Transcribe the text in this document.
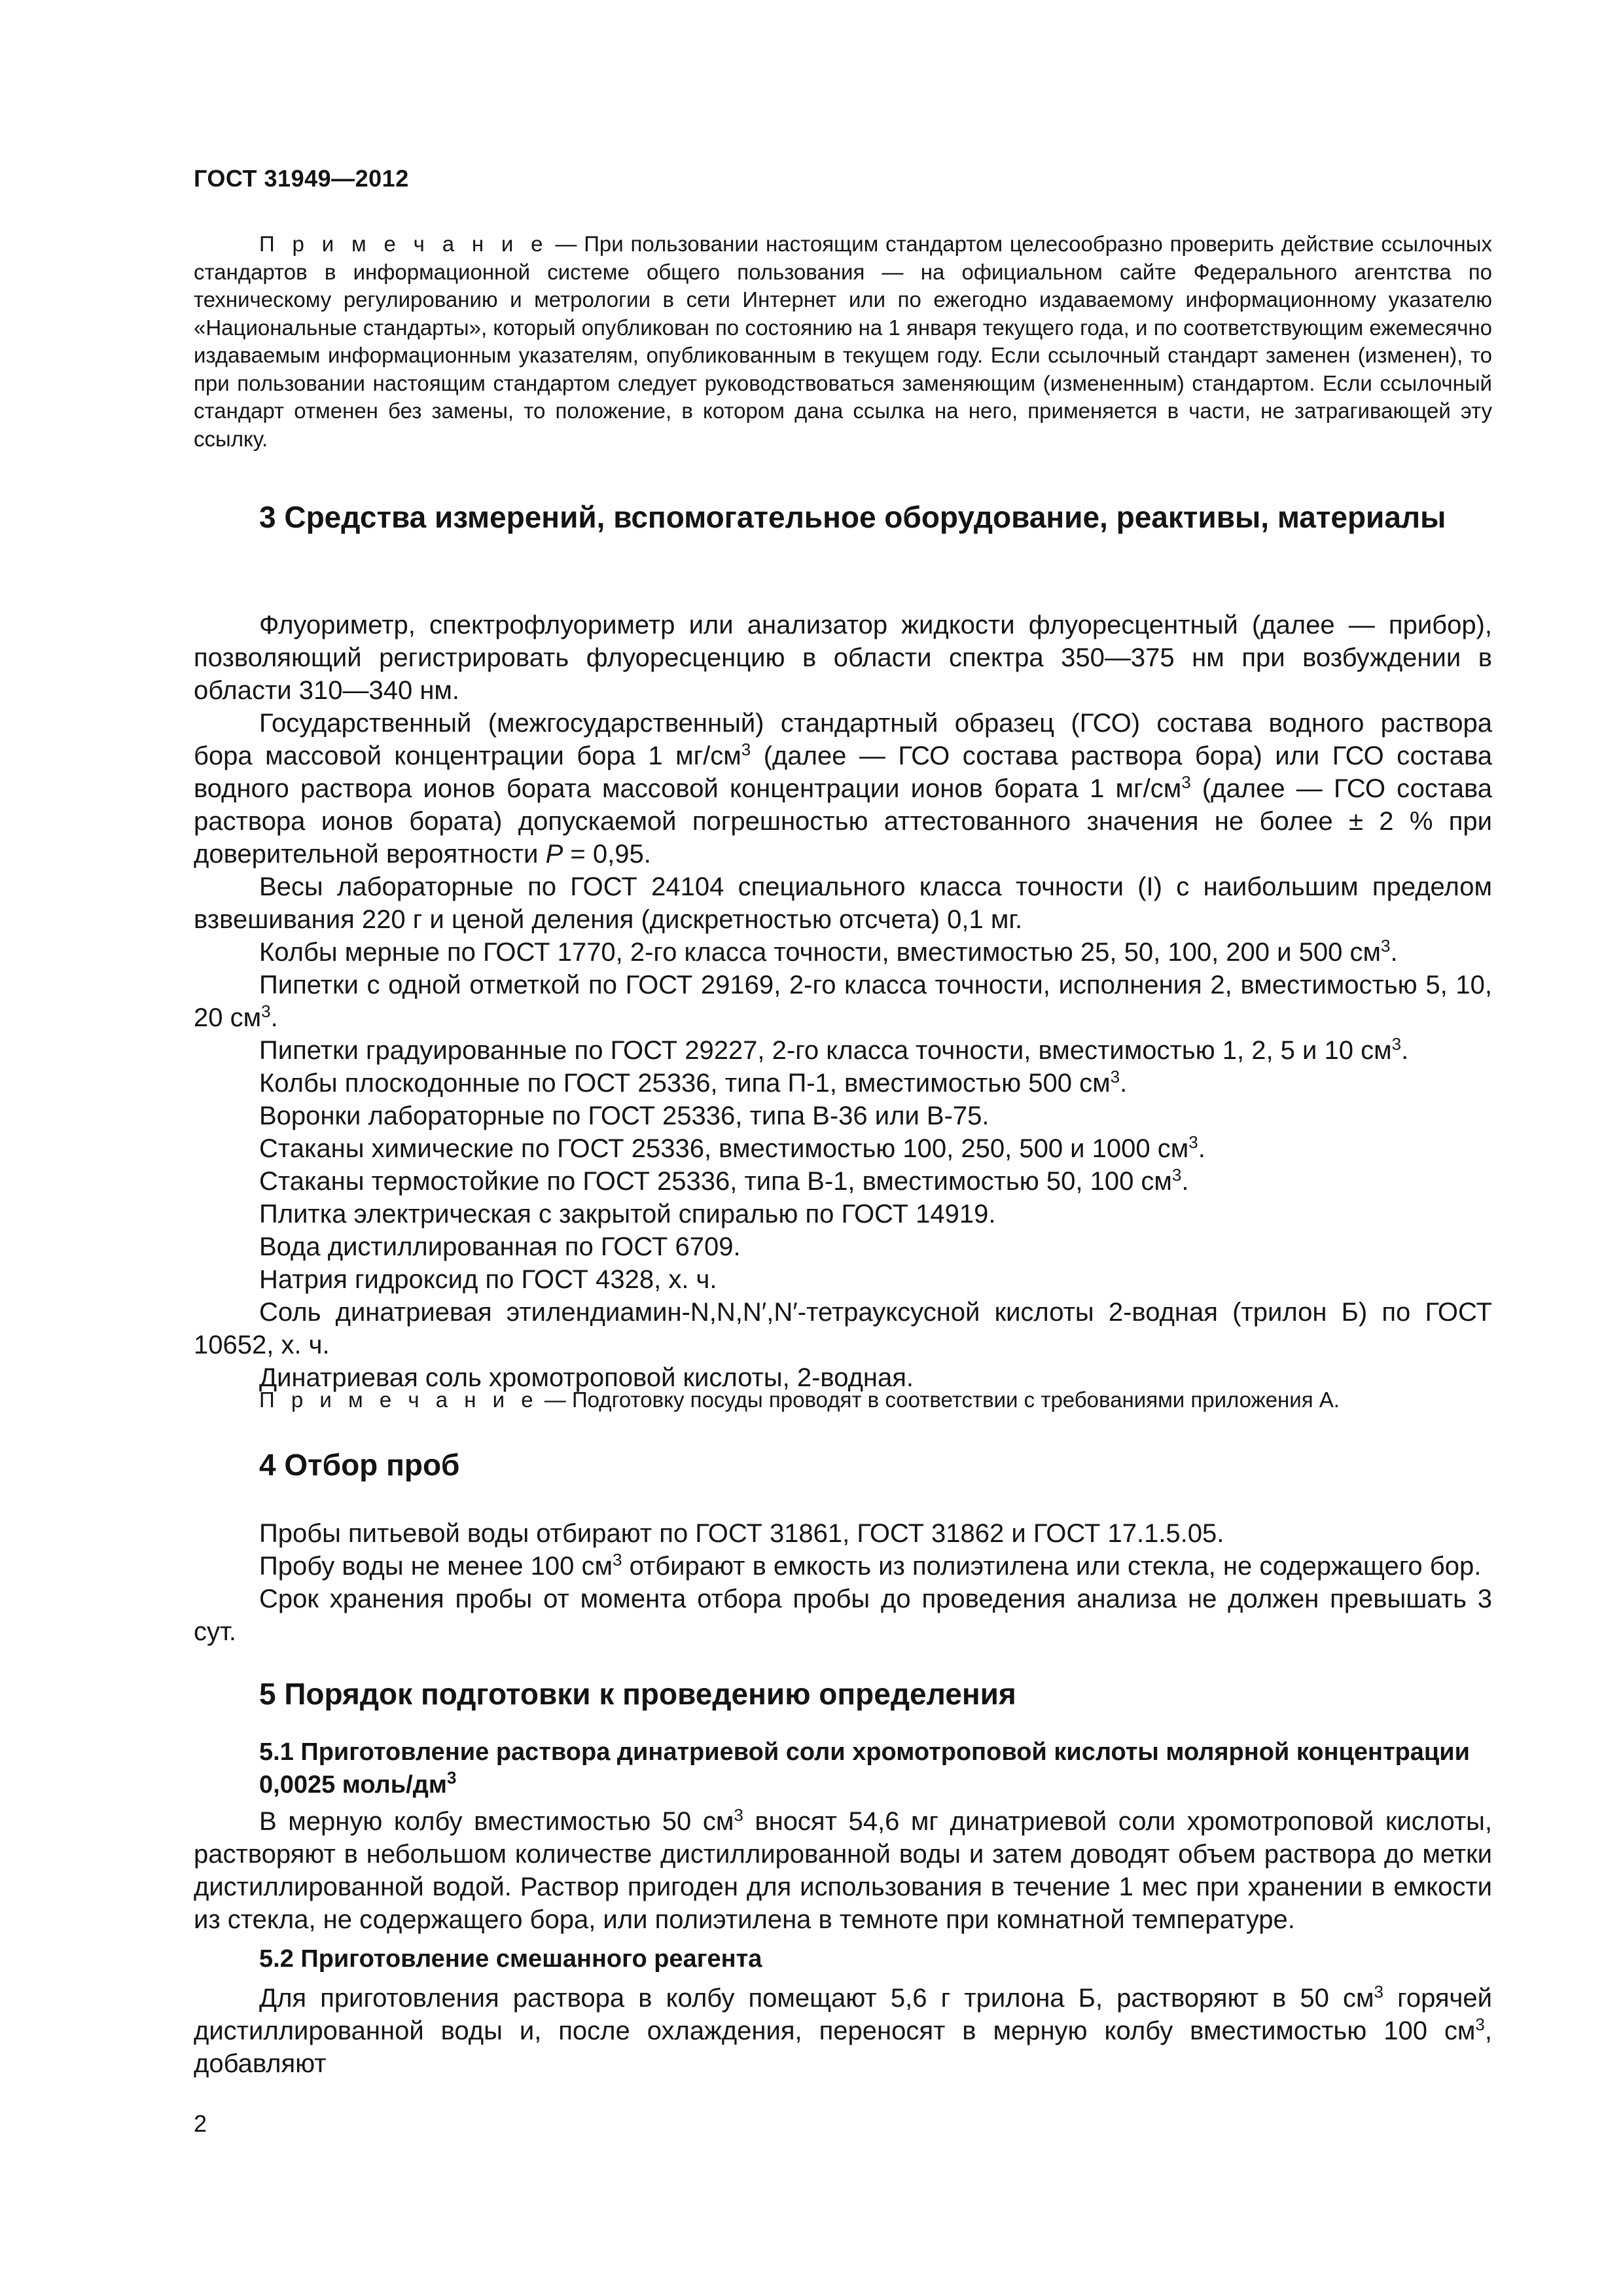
ГОСТ 31949—2012

П р и м е ч а н и е — При пользовании настоящим стандартом целесообразно проверить действие ссылочных стандартов в информационной системе общего пользования — на официальном сайте Федерального агентства по техническому регулированию и метрологии в сети Интернет или по ежегодно издаваемому информационному указателю «Национальные стандарты», который опубликован по состоянию на 1 января текущего года, и по соответствующим ежемесячно издаваемым информационным указателям, опубликованным в текущем году. Если ссылочный стандарт заменен (изменен), то при пользовании настоящим стандартом следует руководствоваться заменяющим (измененным) стандартом. Если ссылочный стандарт отменен без замены, то положение, в котором дана ссылка на него, применяется в части, не затрагивающей эту ссылку.

3 Средства измерений, вспомогательное оборудование, реактивы, материалы

Флуориметр, спектрофлуориметр или анализатор жидкости флуоресцентный (далее — прибор), позволяющий регистрировать флуоресценцию в области спектра 350—375 нм при возбуждении в области 310—340 нм.

Государственный (межгосударственный) стандартный образец (ГСО) состава водного раствора бора массовой концентрации бора 1 $мг/см^3$ (далее — ГСО состава раствора бора) или ГСО состава водного раствора ионов бората массовой концентрации ионов бората 1 $мг/см^3$ (далее — ГСО состава раствора ионов бората) допускаемой погрешностью аттестованного значения не более ± 2 % при доверительной вероятности P = 0,95.

Весы лабораторные по ГОСТ 24104 специального класса точности (I) с наибольшим пределом взвешивания 220 г и ценой деления (дискретностью отсчета) 0,1 мг.

Колбы мерные по ГОСТ 1770, 2-го класса точности, вместимостью 25, 50, 100, 200 и 500 $см^3$.

Пипетки с одной отметкой по ГОСТ 29169, 2-го класса точности, исполнения 2, вместимостью 5, 10, 20 $см^3$.

Пипетки градуированные по ГОСТ 29227, 2-го класса точности, вместимостью 1, 2, 5 и 10 $см^3$.

Колбы плоскодонные по ГОСТ 25336, типа П-1, вместимостью 500 $см^3$.

Воронки лабораторные по ГОСТ 25336, типа В-36 или В-75.

Стаканы химические по ГОСТ 25336, вместимостью 100, 250, 500 и 1000 $см^3$.

Стаканы термостойкие по ГОСТ 25336, типа В-1, вместимостью 50, 100 $см^3$.

Плитка электрическая с закрытой спиралью по ГОСТ 14919.

Вода дистиллированная по ГОСТ 6709.

Натрия гидроксид по ГОСТ 4328, х. ч.

Соль динатриевая этилендиамин-N,N,N′,N′-тетрауксусной кислоты 2-водная (трилон Б) по ГОСТ 10652, х. ч.

Динатриевая соль хромотроповой кислоты, 2-водная.

П р и м е ч а н и е — Подготовку посуды проводят в соответствии с требованиями приложения А.

4 Отбор проб

Пробы питьевой воды отбирают по ГОСТ 31861, ГОСТ 31862 и ГОСТ 17.1.5.05.

Пробу воды не менее 100 $см^3$ отбирают в емкость из полиэтилена или стекла, не содержащего бор.

Срок хранения пробы от момента отбора пробы до проведения анализа не должен превышать 3 сут.

5 Порядок подготовки к проведению определения
5.1 Приготовление раствора динатриевой соли хромотроповой кислоты молярной концентрации 0,0025 моль/$дм^3$

В мерную колбу вместимостью 50 $см^3$ вносят 54,6 мг динатриевой соли хромотроповой кислоты, растворяют в небольшом количестве дистиллированной воды и затем доводят объем раствора до метки дистиллированной водой. Раствор пригоден для использования в течение 1 мес при хранении в емкости из стекла, не содержащего бора, или полиэтилена в темноте при комнатной температуре.

5.2 Приготовление смешанного реагента

Для приготовления раствора в колбу помещают 5,6 г трилона Б, растворяют в 50 $см^3$ горячей дистиллированной воды и, после охлаждения, переносят в мерную колбу вместимостью 100 $см^3$, добавляют

2
